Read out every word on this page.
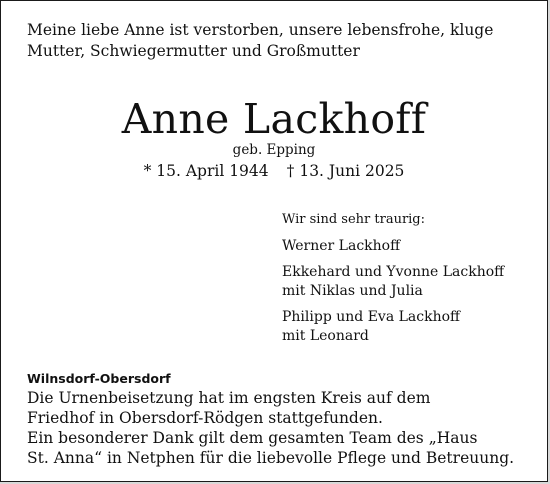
Meine liebe Anne ist verstorben, unsere lebensfrohe, kluge
Mutter, Schwiegermutter und Großmutter
Anne Lackhoff
geb. Epping
* 15. April 1944 † 13. Juni 2025
Wir sind sehr traurig:
Werner Lackhoff
Ekkehard und Yvonne Lackhoff
mit Niklas und Julia
Philipp und Eva Lackhoff
mit Leonard
Wilnsdorf-Obersdorf
Die Urnenbeisetzung hat im engsten Kreis auf dem
Friedhof in Obersdorf-Rödgen stattgefunden.
Ein besonderer Dank gilt dem gesamten Team des „Haus
St. Anna“ in Netphen für die liebevolle Pflege und Betreuung.
